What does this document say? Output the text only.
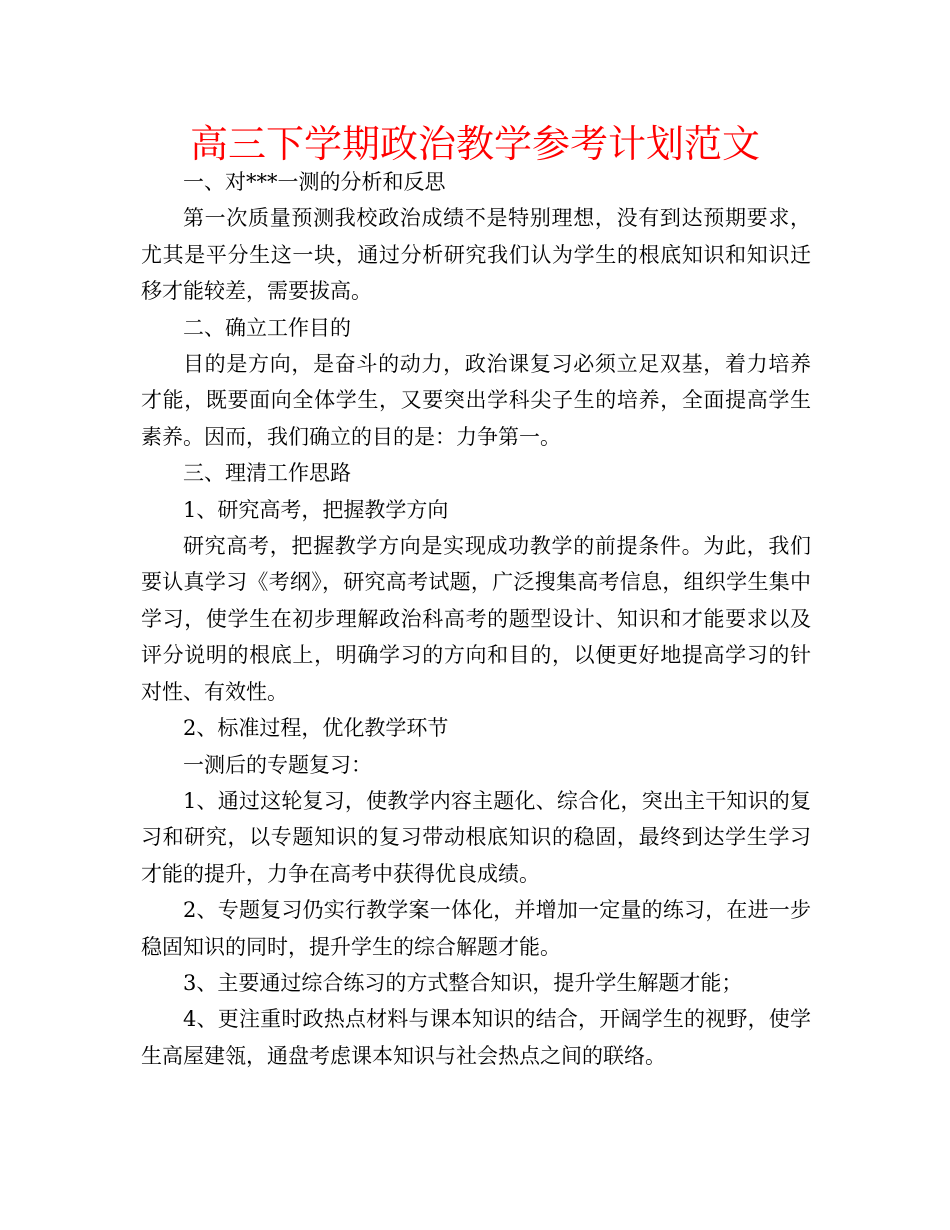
高三下学期政治教学参考计划范文

一、对***一测的分析和反思

第一次质量预测我校政治成绩不是特别理想，没有到达预期要求，尤其是平分生这一块，通过分析研究我们认为学生的根底知识和知识迁移才能较差，需要拔高。

二、确立工作目的

目的是方向，是奋斗的动力，政治课复习必须立足双基，着力培养才能，既要面向全体学生，又要突出学科尖子生的培养，全面提高学生素养。因而，我们确立的目的是：力争第一。

三、理清工作思路

1、研究高考，把握教学方向

研究高考，把握教学方向是实现成功教学的前提条件。为此，我们要认真学习《考纲》，研究高考试题，广泛搜集高考信息，组织学生集中学习，使学生在初步理解政治科高考的题型设计、知识和才能要求以及评分说明的根底上，明确学习的方向和目的，以便更好地提高学习的针对性、有效性。

2、标准过程，优化教学环节

一测后的专题复习：

1、通过这轮复习，使教学内容主题化、综合化，突出主干知识的复习和研究，以专题知识的复习带动根底知识的稳固，最终到达学生学习才能的提升，力争在高考中获得优良成绩。

2、专题复习仍实行教学案一体化，并增加一定量的练习，在进一步稳固知识的同时，提升学生的综合解题才能。

3、主要通过综合练习的方式整合知识，提升学生解题才能；

4、更注重时政热点材料与课本知识的结合，开阔学生的视野，使学生高屋建瓴，通盘考虑课本知识与社会热点之间的联络。
